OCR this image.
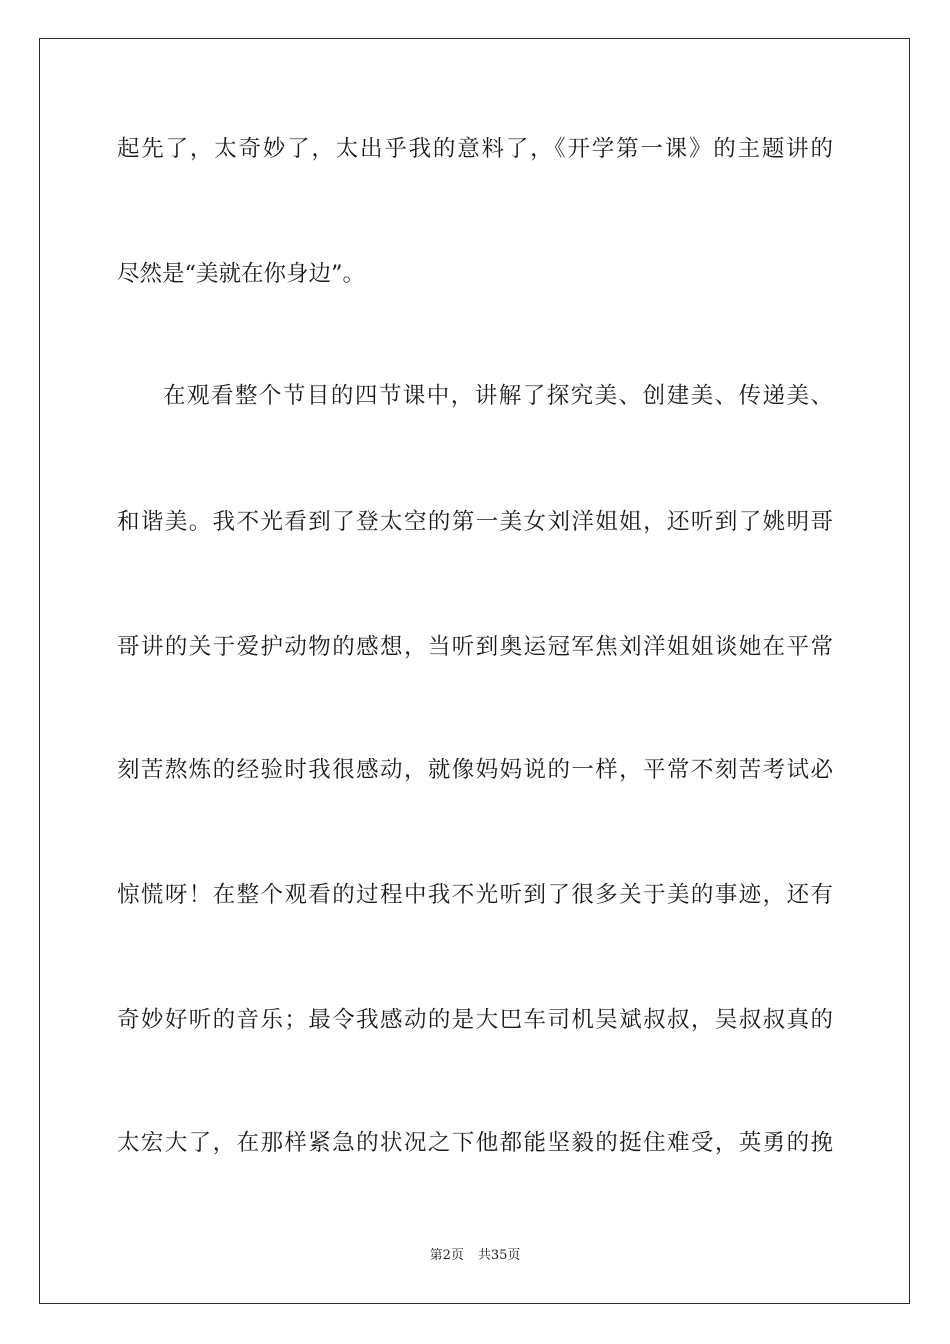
起先了，太奇妙了，太出乎我的意料了，《开学第一课》的主题讲的
尽然是“美就在你身边”。
在观看整个节目的四节课中，讲解了探究美、创建美、传递美、
和谐美。我不光看到了登太空的第一美女刘洋姐姐，还听到了姚明哥
哥讲的关于爱护动物的感想，当听到奥运冠军焦刘洋姐姐谈她在平常
刻苦熬炼的经验时我很感动，就像妈妈说的一样，平常不刻苦考试必
惊慌呀！在整个观看的过程中我不光听到了很多关于美的事迹，还有
奇妙好听的音乐；最令我感动的是大巴车司机吴斌叔叔，吴叔叔真的
太宏大了，在那样紧急的状况之下他都能坚毅的挺住难受，英勇的挽
第2页 共35页
